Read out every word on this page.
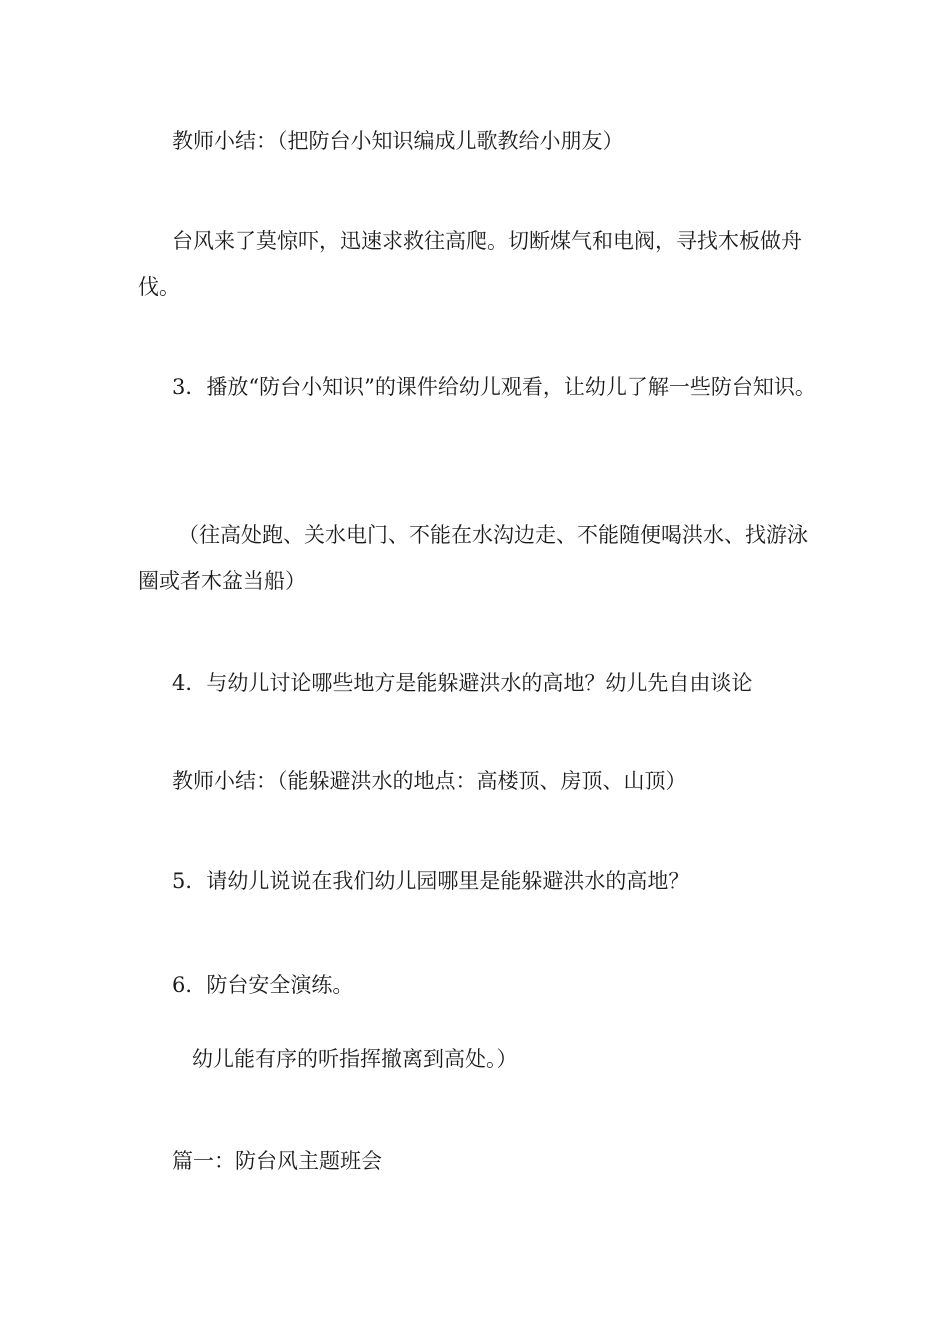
教师小结：（把防台小知识编成儿歌教给小朋友）

台风来了莫惊吓，迅速求救往高爬。切断煤气和电阀，寻找木板做舟伐。

3．播放“防台小知识”的课件给幼儿观看，让幼儿了解一些防台知识。

（往高处跑、关水电门、不能在水沟边走、不能随便喝洪水、找游泳圈或者木盆当船）

4．与幼儿讨论哪些地方是能躲避洪水的高地？幼儿先自由谈论

教师小结：（能躲避洪水的地点：高楼顶、房顶、山顶）

5．请幼儿说说在我们幼儿园哪里是能躲避洪水的高地？

6．防台安全演练。

幼儿能有序的听指挥撤离到高处。）

篇一：防台风主题班会
